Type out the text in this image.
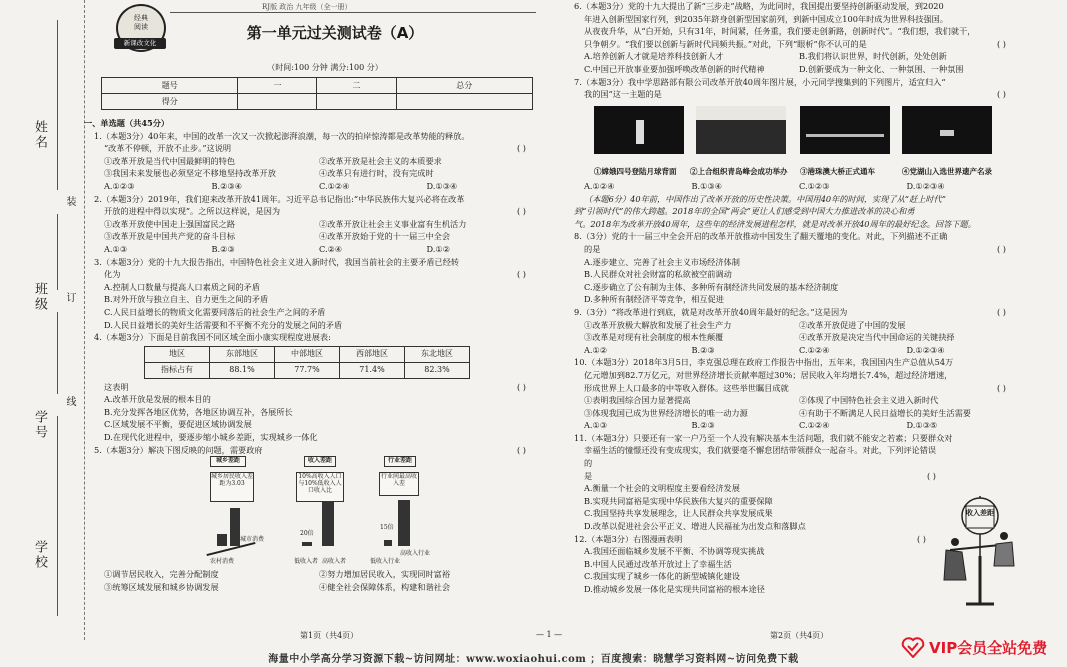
姓名
班级
学号
学校
装
订
线
经典
阅读
新课改文化
RJ版 政治 九年级（全一册）
第一单元过关测试卷（A）
（时间:100 分钟 满分:100 分）
题号	一	二	总分
得分			
一、单选题（共45分）
1.（本题3分）40年来，中国的改革一次又一次掀起澎湃浪潮，每一次的拍岸惊涛都是改革势能的释放。
“改革不停顿，开放不止步。”这说明	( )
①改革开放是当代中国最鲜明的特色	②改革开放是社会主义的本质要求
③我国未来发展也必须坚定不移地坚持改革开放	④改革只有进行时，没有完成时
A.①②③	B.②③④	C.①②④	D.①③④
2.（本题3分）2019年，我们迎来改革开放41周年。习近平总书记指出:“中华民族伟大复兴必将在改革
开放的进程中得以实现”。之所以这样说，是因为	( )
①改革开放使中国走上强国富民之路	②改革开放让社会主义事业富有生机活力
③改革开放是中国共产党的奋斗目标	④改革开放始于党的十一届三中全会
A.①③	B.②③	C.②④	D.①②
3.（本题3分）党的十九大报告指出，中国特色社会主义进入新时代，我国当前社会的主要矛盾已经转
化为	( )
A.控制人口数量与提高人口素质之间的矛盾
B.对外开放与独立自主、自力更生之间的矛盾
C.人民日益增长的物质文化需要同落后的社会生产之间的矛盾
D.人民日益增长的美好生活需要和不平衡不充分的发展之间的矛盾
4.（本题3分）下面是目前我国不同区域全面小康实现程度进展表:
地区	东部地区	中部地区	西部地区	东北地区
指标占有	88.1%	77.7%	71.4%	82.3%
这表明	( )
A.改革开放是发展的根本目的
B.充分发挥各地区优势，各地区协调互补，各展所长
C.区域发展不平衡，要促进区域协调发展
D.在现代化进程中，要逐步缩小城乡差距，实现城乡一体化
5.（本题3分）解决下图反映的问题，需要政府	( )
城乡差距
城乡居民收入差距为3.03
农村消费
城市消费
收入差距
10%高收入人口与10%低收入人口收入比
20倍
低收入者 高收入者
行业差距
行业间最高收入差
15倍
低收入行业
高收入行业
①调节居民收入，完善分配制度	②努力增加居民收入，实现同时富裕
③统筹区域发展和城乡协调发展	④健全社会保障体系，构建和谐社会
第1页（共4页）	— 1 —
6.（本题3分）党的十九大提出了新“三步走”战略，为此同时，我国提出要坚持创新驱动发展，到2020
年进入创新型国家行列，到2035年跻身创新型国家前列，到新中国成立100年时成为世界科技强国。
从夜夜升华，从“白开始，只有31年，时间紧，任务重，我们要走创新路，创新时代”。“我们想，我们就干，
只争朝夕。“我们要以创新与新时代同频共振。”对此，下列“眼析”你不认可的是	( )
A.培养创新人才就是培养科技创新人才	B.我们将认识世界，时代创新，处处创新
C.中国已开放事业要加强呼唤改革创新的时代精神	D.创新要成为一种文化、一种氛围、一种氛围
7.（本题3分）我中学思路部有限公司改革开放40周年图片展，小元同学搜集到的下列图片，适宜归入“
我的国”这一主题的是	( )
①嫦娥四号登陆月球背面 ②上合组织青岛峰会成功举办 ③港珠澳大桥正式通车	④党湖山入选世界遗产名录
A.①②④	B.①③④	C.①②③	D.①②③④
（本题6分）40年前，中国作出了改革开放的历史性决策。中国用40年的时间，实现了从“赶上时代”
到“引领时代”的伟大跨越。2018年的全国“两会”更让人们感受到中国大力推进改革的决心和勇
气。2018年为改革开放40周年，这些年的经济发展进程怎样，就是对改革开放40周年的最好纪念。回答下题。
8.（3分）党的十一届三中全会开启的改革开放推动中国发生了翻天覆地的变化。对此，下列描述不正确
的是	( )
A.逐步建立、完善了社会主义市场经济体制
B.人民群众对社会财富的私欲被空前调动
C.逐步确立了公有制为主体、多种所有制经济共同发展的基本经济制度
D.多种所有制经济平等竞争，相互促进
9.（3分）“将改革进行到底，就是对改革开放40周年最好的纪念。”这是因为	( )
①改革开放极大解放和发展了社会生产力	②改革开放促进了中国的发展
③改革是对现有社会制度的根本性颠覆	④改革开放是决定当代中国命运的关键抉择
A.①②	B.②③	C.①②④	D.①②③④
10.（本题3分）2018年3月5日，李克强总理在政府工作报告中指出，五年来，我国国内生产总值从54万
亿元增加到82.7万亿元，对世界经济增长贡献率超过30%；居民收入年均增长7.4%，超过经济增速，
形成世界上人口最多的中等收入群体。这些举世瞩目成就	( )
①表明我国综合国力显著提高	②体现了中国特色社会主义进入新时代
③体现我国已成为世界经济增长的唯一动力源	④有助于不断满足人民日益增长的美好生活需要
A.①③	B.②③	C.①②④	D.①③⑤
11.（本题3分）只要还有一家一户乃至一个人没有解决基本生活问题，我们就不能安之若素；只要群众对
幸福生活的憧憬还没有变成现实，我们就要毫不懈怠团结带领群众一起奋斗。对此，下列评论错误的
是	( )
A.衡量一个社会的文明程度主要看经济发展
B.实现共同富裕是实现中华民族伟大复兴的重要保障
C.我国坚持共享发展理念，让人民群众共享发展成果
D.改革以促进社会公平正义、增进人民福祉为出发点和落脚点
12.（本题3分）右图漫画表明	( )
A.我国还面临城乡发展不平衡、不协调等现实挑战
B.中国人民通过改革开放过上了幸福生活
C.我国实现了城乡一体化的新型城镇化建设
D.推动城乡发展一体化是实现共同富裕的根本途径
收入差距
第2页（共4页）
海量中小学高分学习资源下载~访问网址：www.woxiaohui.com ；百度搜索：晓慧学习资料网~访问免费下载
VIP会员全站免费
